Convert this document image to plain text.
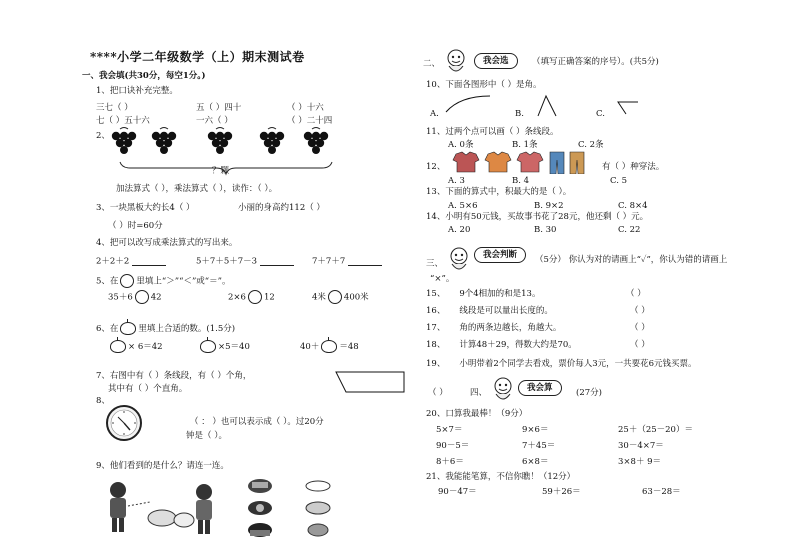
****小学二年级数学（上）期末测试卷
一、我会填(共30分，每空1分。)
1、把口诀补充完整。
三七（ ）	五（ ）四十	（ ）十六
七（ ）五十六	一六（ ）	（ ）二十四
2、
？颗
加法算式（ ），乘法算式（ ），读作：（ ）。
3、一块黑板大约长4（ ）	小丽的身高约112（ ）
（ ）时=60分
4、把可以改写成乘法算式的写出来。
2＋2＋2	5＋7＋5＋7－3	7＋7＋7
5、在 里填上“＞”“＜”或“＝”。
35＋6 42	2×6 12	4米 400米
6、在 里填上合适的数。(1.5分)
× 6＝42	×5＝40	40＋ ＝48
7、右图中有（ ）条线段，有（ ）个角，
其中有（ ）个直角。
8、
（ ： ）也可以表示成（ ）。过20分
钟是（ ）。
9、他们看到的是什么？请连一连。
二、	我会选	（填写正确答案的序号）。(共5分)
10、下面各图形中（ ）是角。
A.	B.	C.
11、过两个点可以画（ ）条线段。
A. 0条	B. 1条	C. 2条
12、	有（ ）种穿法。
A. 3	B. 4	C. 5
13、下面的算式中，积最大的是（ ）。
A. 5×6	B. 9×2	C. 8×4
14、小明有50元钱，买故事书花了28元，他还剩（ ）元。
A. 20	B. 30	C. 22
三、
我会判断	（5分） 你认为对的请画上“✓”，你认为错的请画上
“×”。
15、 9个4相加的和是13。	（ ）
16、 线段是可以量出长度的。	（ ）
17、 角的两条边越长，角越大。	（ ）
18、 计算48＋29，得数大约是70。	（ ）
19、 小明带着2个同学去看戏，票价每人3元，一共要花6元钱买票。
（ ）	四、	我会算	(27分)
20、口算我最棒！（9分）
5×7＝	9×6＝	25＋（25－20）＝
90－5＝	7＋45＝	30－4×7＝
8＋6＝	6×8＝	3×8＋ 9＝
21、我能能笔算，不信你瞧！（12分）
90－47＝	59＋26＝	63－28＝
